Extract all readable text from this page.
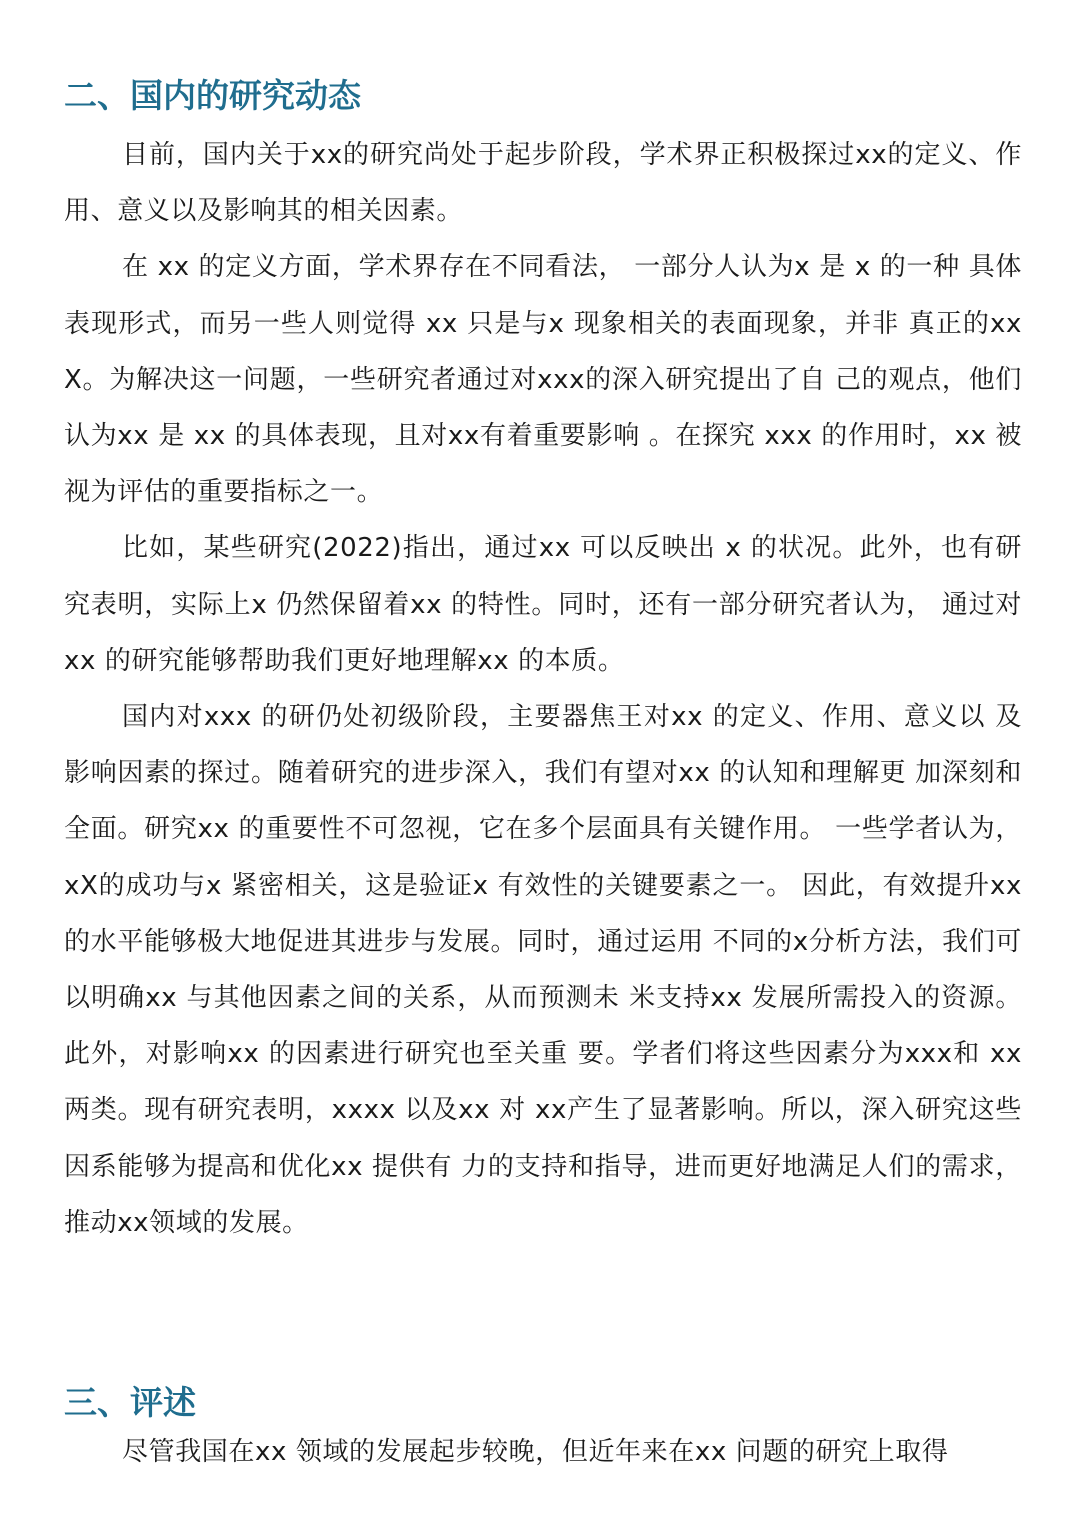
二、国内的研究动态

目前，国内关于xx的研究尚处于起步阶段，学术界正积极探过xx的定义、作用、意义以及影响其的相关因素。

在 xx 的定义方面，学术界存在不同看法， 一部分人认为x 是 x 的一种 具体表现形式，而另一些人则觉得 xx 只是与x 现象相关的表面现象，并非 真正的xxX。为解决这一问题，一些研究者通过对xxx的深入研究提出了自 己的观点，他们认为xx 是 xx 的具体表现，且对xx有着重要影响 。在探究 xxx 的作用时，xx 被视为评估的重要指标之一。

比如，某些研究(2022)指出，通过xx 可以反映出 x 的状况。此外，也有研究表明，实际上x 仍然保留着xx 的特性。同时，还有一部分研究者认为， 通过对xx 的研究能够帮助我们更好地理解xx 的本质。

国内对xxx 的研仍处初级阶段，主要器焦王对xx 的定义、作用、意义以 及影响因素的探过。随着研究的进步深入，我们有望对xx 的认知和理解更 加深刻和全面。研究xx 的重要性不可忽视，它在多个层面具有关键作用。 一些学者认为，xX的成功与x 紧密相关，这是验证x 有效性的关键要素之一。 因此，有效提升xx 的水平能够极大地促进其进步与发展。同时，通过运用 不同的x分析方法，我们可以明确xx 与其他因素之间的关系，从而预测未 米支持xx 发展所需投入的资源。此外，对影响xx 的因素进行研究也至关重 要。学者们将这些因素分为xxx和 xx 两类。现有研究表明，xxxx 以及xx 对 xx产生了显著影响。所以，深入研究这些因系能够为提高和优化xx 提供有 力的支持和指导，进而更好地满足人们的需求，推动xx领域的发展。

三、评述

尽管我国在xx 领域的发展起步较晚，但近年来在xx 问题的研究上取得
